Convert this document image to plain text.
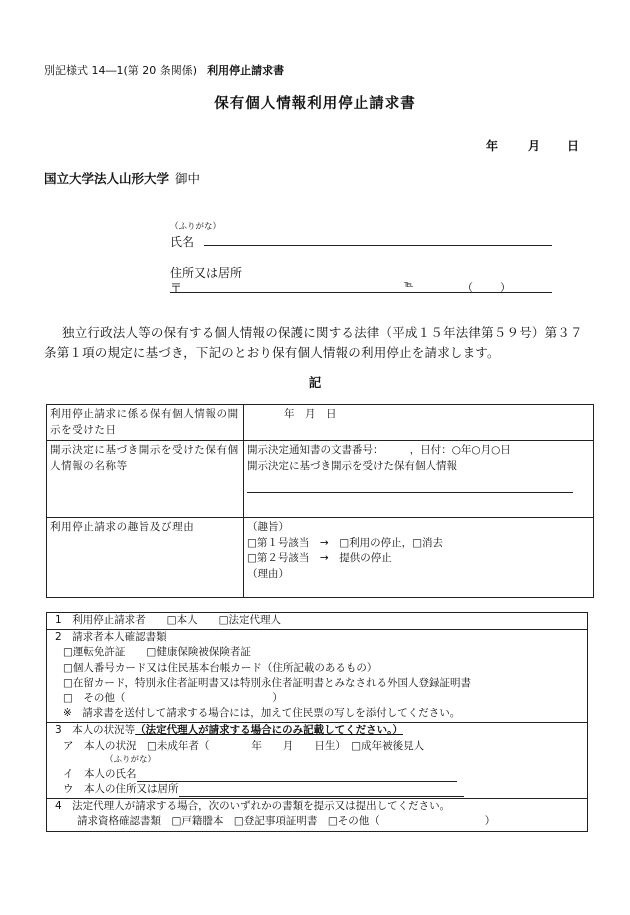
別記様式 14―1(第 20 条関係) 利用停止請求書
保有個人情報利用停止請求書
年 月 日
国立大学法人山形大学 御中
（ふりがな）
氏名
住所又は居所
〒	℡	（ ）
独立行政法人等の保有する個人情報の保護に関する法律（平成１５年法律第５９号）第３７条第１項の規定に基づき，下記のとおり保有個人情報の利用停止を請求します。
記
利用停止請求に係る保有個人情報の開示を受けた日	年　月　日
開示決定に基づき開示を受けた保有個人情報の名称等	開示決定通知書の文書番号：　　　，日付：○年○月○日
開示決定に基づき開示を受けた保有個人情報

利用停止請求の趣旨及び理由	（趣旨）
□第１号該当　→　□利用の停止，□消去
□第２号該当　→　提供の停止
（理由）
1　利用停止請求者　　□本人　　□法定代理人
2　請求者本人確認書類
□運転免許証　　□健康保険被保険者証
□個人番号カード又は住民基本台帳カード（住所記載のあるもの）
□在留カード，特別永住者証明書又は特別永住者証明書とみなされる外国人登録証明書
□　その他（　　　　　　　　　　　　　　）
※　請求書を送付して請求する場合には，加えて住民票の写しを添付してください。
3　本人の状況等（法定代理人が請求する場合にのみ記載してください。）
ア　本人の状況　□未成年者（　　　　年　　月　　日生）　□成年被後見人
（ふりがな）
イ　本人の氏名
ウ　本人の住所又は居所
4　法定代理人が請求する場合，次のいずれかの書類を提示又は提出してください。
請求資格確認書類　□戸籍謄本　□登記事項証明書　□その他（　　　　　　　　　　）
